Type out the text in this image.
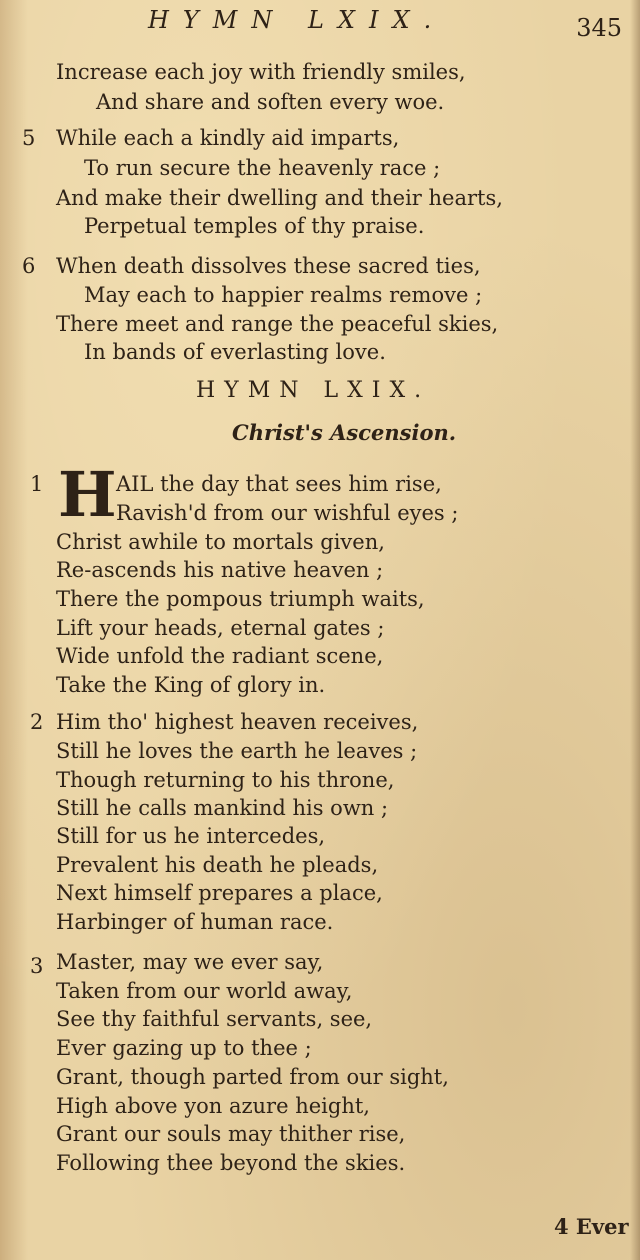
HYMN LXIX.	345
Increase each joy with friendly smiles,
And share and soften every woe.
5 While each a kindly aid imparts,
To run secure the heavenly race ;
And make their dwelling and their hearts,
Perpetual temples of thy praise.
6 When death dissolves these sacred ties,
May each to happier realms remove ;
There meet and range the peaceful skies,
In bands of everlasting love.
HYMN LXIX.
Christ's Ascension.
1 H AIL the day that sees him rise,
Ravish'd from our wishful eyes ;
Christ awhile to mortals given,
Re-ascends his native heaven ;
There the pompous triumph waits,
Lift your heads, eternal gates ;
Wide unfold the radiant scene,
Take the King of glory in.
2 Him tho' highest heaven receives,
Still he loves the earth he leaves ;
Though returning to his throne,
Still he calls mankind his own ;
Still for us he intercedes,
Prevalent his death he pleads,
Next himself prepares a place,
Harbinger of human race.
3 Master, may we ever say,
Taken from our world away,
See thy faithful servants, see,
Ever gazing up to thee ;
Grant, though parted from our sight,
High above yon azure height,
Grant our souls may thither rise,
Following thee beyond the skies.
4 Ever
